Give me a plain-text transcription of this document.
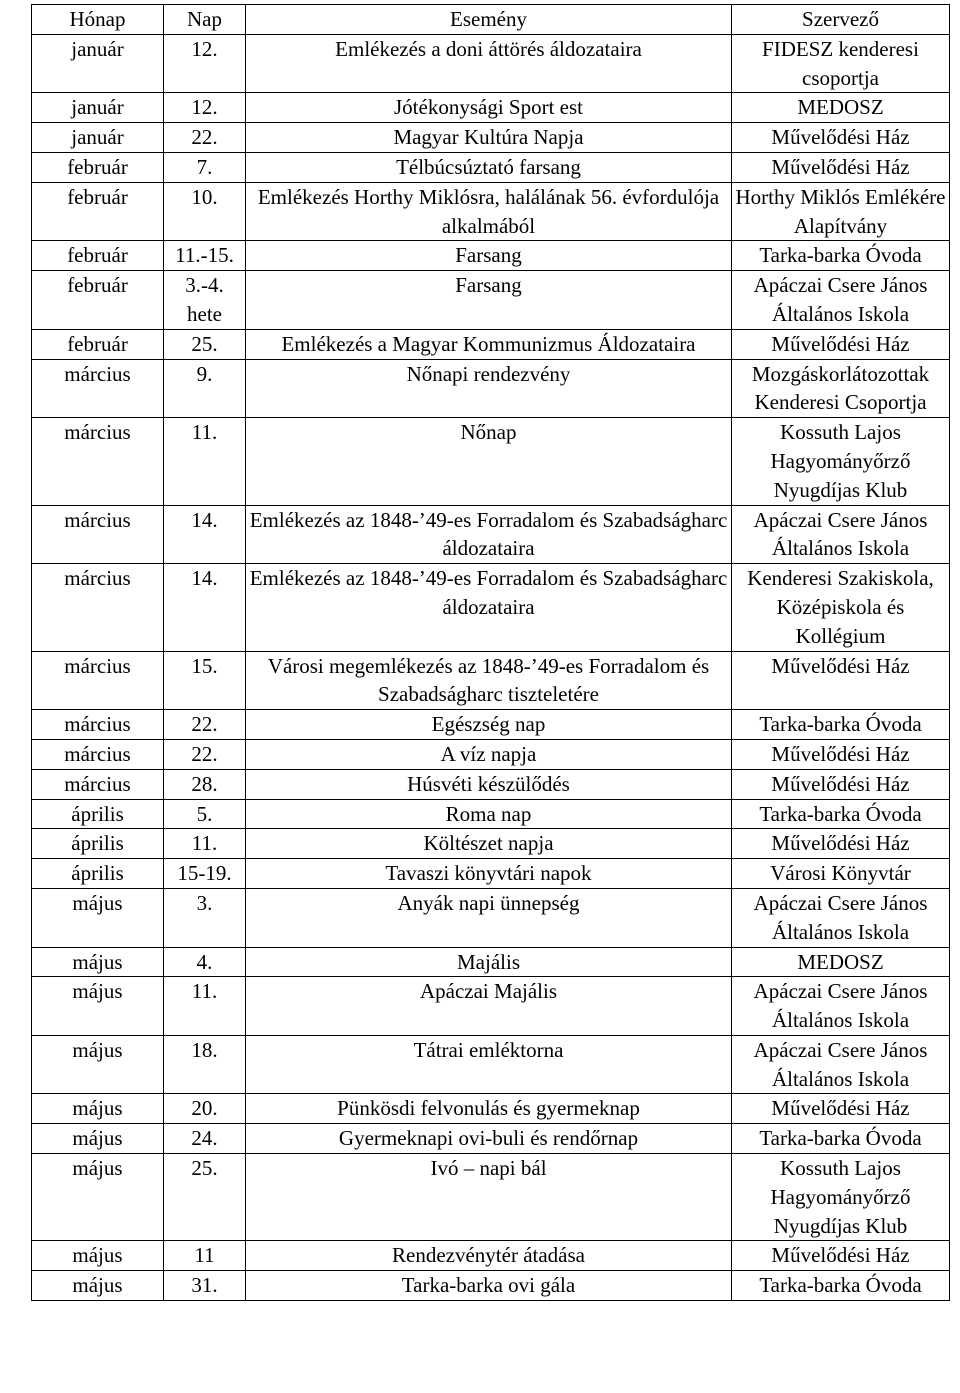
Hónap	Nap	Esemény	Szervező
január	12.	Emlékezés a doni áttörés áldozataira	FIDESZ kenderesi csoportja
január	12.	Jótékonysági Sport est	MEDOSZ
január	22.	Magyar Kultúra Napja	Művelődési Ház
február	7.	Télbúcsúztató farsang	Művelődési Ház
február	10.	Emlékezés Horthy Miklósra, halálának 56. évfordulója alkalmából	Horthy Miklós Emlékére Alapítvány
február	11.-15.	Farsang	Tarka-barka Óvoda
február	3.-4. hete	Farsang	Apáczai Csere János Általános Iskola
február	25.	Emlékezés a Magyar Kommunizmus Áldozataira	Művelődési Ház
március	9.	Nőnapi rendezvény	Mozgáskorlátozottak Kenderesi Csoportja
március	11.	Nőnap	Kossuth Lajos Hagyományőrző Nyugdíjas Klub
március	14.	Emlékezés az 1848-’49-es Forradalom és Szabadságharc áldozataira	Apáczai Csere János Általános Iskola
március	14.	Emlékezés az 1848-’49-es Forradalom és Szabadságharc áldozataira	Kenderesi Szakiskola, Középiskola és Kollégium
március	15.	Városi megemlékezés az 1848-’49-es Forradalom és Szabadságharc tiszteletére	Művelődési Ház
március	22.	Egészség nap	Tarka-barka Óvoda
március	22.	A víz napja	Művelődési Ház
március	28.	Húsvéti készülődés	Művelődési Ház
április	5.	Roma nap	Tarka-barka Óvoda
április	11.	Költészet napja	Művelődési Ház
április	15-19.	Tavaszi könyvtári napok	Városi Könyvtár
május	3.	Anyák napi ünnepség	Apáczai Csere János Általános Iskola
május	4.	Majális	MEDOSZ
május	11.	Apáczai Majális	Apáczai Csere János Általános Iskola
május	18.	Tátrai emléktorna	Apáczai Csere János Általános Iskola
május	20.	Pünkösdi felvonulás és gyermeknap	Művelődési Ház
május	24.	Gyermeknapi ovi-buli és rendőrnap	Tarka-barka Óvoda
május	25.	Ivó – napi bál	Kossuth Lajos Hagyományőrző Nyugdíjas Klub
május	11	Rendezvénytér átadása	Művelődési Ház
május	31.	Tarka-barka ovi gála	Tarka-barka Óvoda
